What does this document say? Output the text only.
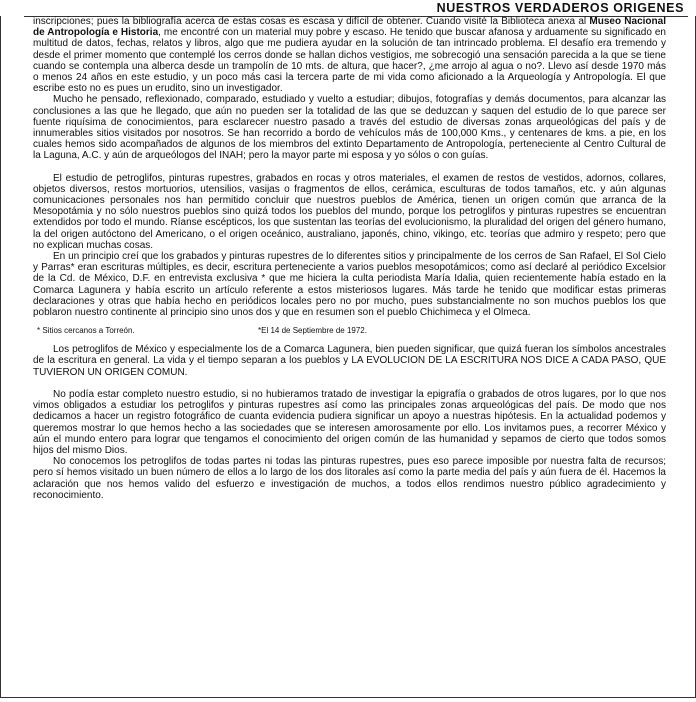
NUESTROS VERDADEROS ORIGENES

inscripciones; pues la bibliografía acerca de estas cosas es escasa y difícil de obtener. Cuando visité la Biblioteca anexa al Museo Nacional de Antropología e Historia, me encontré con un material muy pobre y escaso. He tenido que buscar afanosa y arduamente su significado en multitud de datos, fechas, relatos y libros, algo que me pudiera ayudar en la solución de tan intrincado problema. El desafío era tremendo y desde el primer momento que contemplé los cerros donde se hallan dichos vestigios, me sobrecogió una sensación parecida a la que se tiene cuando se contempla una alberca desde un trampolín de 10 mts. de altura, que hacer?, ¿me arrojo al agua o no?. Llevo así desde 1970 más o menos 24 años en este estudio, y un poco más casi la tercera parte de mi vida como aficionado a la Arqueología y Antropología. El que escribe esto no es pues un erudito, sino un investigador.

Mucho he pensado, reflexionado, comparado, estudiado y vuelto a estudiar; dibujos, fotografías y demás documentos, para alcanzar las conclusiones a las que he llegado, que aún no pueden ser la totalidad de las que se deduzcan y saquen del estudio de lo que parece ser fuente riquísima de conocimientos, para esclarecer nuestro pasado a través del estudio de diversas zonas arqueológicas del país y de innumerables sitios visitados por nosotros. Se han recorrido a bordo de vehículos más de 100,000 Kms., y centenares de kms. a pie, en los cuales hemos sido acompañados de algunos de los miembros del extinto Departamento de Antropología, perteneciente al Centro Cultural de la Laguna, A.C. y aún de arqueólogos del INAH; pero la mayor parte mi esposa y yo sólos o con guías.

El estudio de petroglifos, pinturas rupestres, grabados en rocas y otros materiales, el examen de restos de vestidos, adornos, collares, objetos diversos, restos mortuorios, utensilios, vasijas o fragmentos de ellos, cerámica, esculturas de todos tamaños, etc. y aún algunas comunicaciones personales nos han permitido concluir que nuestros pueblos de América, tienen un origen común que arranca de la Mesopotámia y no sólo nuestros pueblos sino quizá todos los pueblos del mundo, porque los petroglifos y pinturas rupestres se encuentran extendidos por todo el mundo. Ríanse escépticos, los que sustentan las teorías del evolucionismo, la pluralidad del origen del género humano, la del origen autóctono del Americano, o el origen oceánico, australiano, japonés, chino, vikingo, etc. teorías que admiro y respeto; pero que no explican muchas cosas.

En un principio creí que los grabados y pinturas rupestres de lo diferentes sitios y principalmente de los cerros de San Rafael, El Sol Cielo y Parras* eran escrituras múltiples, es decir, escritura perteneciente a varios pueblos mesopotámicos; como así declaré al periódico Excelsior de la Cd. de México, D.F. en entrevista exclusiva * que me hiciera la culta periodista María Idalia, quien recientemente había estado en la Comarca Lagunera y había escrito un artículo referente a estos misteriosos lugares. Más tarde he tenido que modificar estas primeras declaraciones y otras que había hecho en periódicos locales pero no por mucho, pues substancialmente no son muchos pueblos los que poblaron nuestro continente al principio sino unos dos y que en resumen son el pueblo Chichimeca y el Olmeca.

* Sitios cercanos a Torreón.	*El 14 de Septiembre de 1972.

Los petroglifos de México y especialmente los de a Comarca Lagunera, bien pueden significar, que quizá fueran los símbolos ancestrales de la escritura en general. La vida y el tiempo separan a los pueblos y LA EVOLUCION DE LA ESCRITURA NOS DICE A CADA PASO, QUE TUVIERON UN ORIGEN COMUN.

No podía estar completo nuestro estudio, si no hubieramos tratado de investigar la epigrafía o grabados de otros lugares, por lo que nos vimos obligados a estudiar los petroglifos y pinturas rupestres así como las principales zonas arqueológicas del país. De modo que nos dedicamos a hacer un registro fotográfico de cuanta evidencia pudiera significar un apoyo a nuestras hipótesis. En la actualidad podemos y queremos mostrar lo que hemos hecho a las sociedades que se interesen amorosamente por ello. Los invitamos pues, a recorrer México y aún el mundo entero para lograr que tengamos el conocimiento del origen común de las humanidad y sepamos de cierto que todos somos hijos del mismo Dios.

No conocemos los petroglifos de todas partes ni todas las pinturas rupestres, pues eso parece imposible por nuestra falta de recursos; pero sí hemos visitado un buen número de ellos a lo largo de los dos litorales así como la parte media del país y aún fuera de él. Hacemos la aclaración que nos hemos valido del esfuerzo e investigación de muchos, a todos ellos rendimos nuestro público agradecimiento y reconocimiento.
